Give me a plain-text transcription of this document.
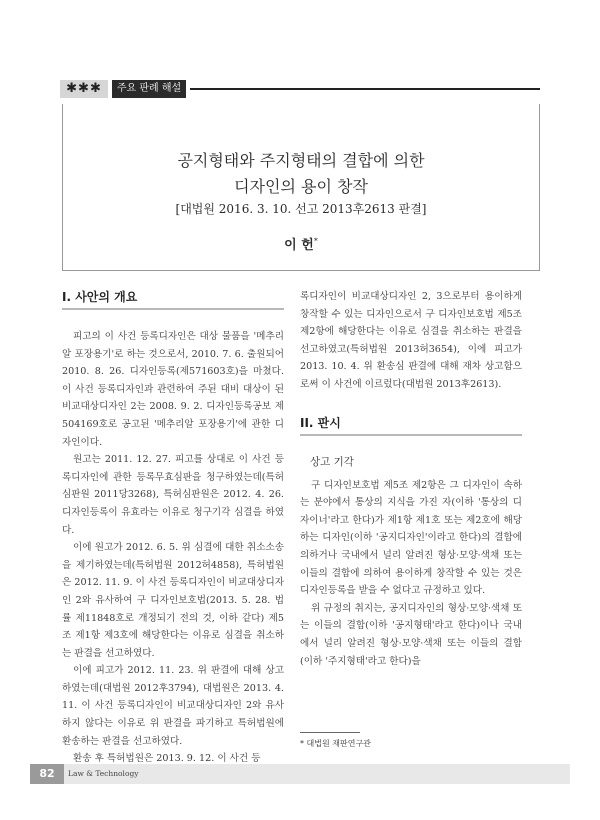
✱✱✱	주요 판례 해설
공지형태와 주지형태의 결합에 의한
디자인의 용이 창작
[대법원 2016. 3. 10. 선고 2013후2613 판결]
이 헌*
I. 사안의 개요

피고의 이 사건 등록디자인은 대상 물품을 '메추리알 포장용기'로 하는 것으로서, 2010. 7. 6. 출원되어 2010. 8. 26. 디자인등록(제571603호)을 마쳤다. 이 사건 등록디자인과 관련하여 주된 대비 대상이 된 비교대상디자인 2는 2008. 9. 2. 디자인등록공보 제504169호로 공고된 '메추리알 포장용기'에 관한 디자인이다.

원고는 2011. 12. 27. 피고를 상대로 이 사건 등록디자인에 관한 등록무효심판을 청구하였는데(특허심판원 2011당3268), 특허심판원은 2012. 4. 26. 디자인등록이 유효라는 이유로 청구기각 심결을 하였다.

이에 원고가 2012. 6. 5. 위 심결에 대한 취소소송을 제기하였는데(특허법원 2012허4858), 특허법원은 2012. 11. 9. 이 사건 등록디자인이 비교대상디자인 2와 유사하여 구 디자인보호법(2013. 5. 28. 법률 제11848호로 개정되기 전의 것, 이하 같다) 제5조 제1항 제3호에 해당한다는 이유로 심결을 취소하는 판결을 선고하였다.

이에 피고가 2012. 11. 23. 위 판결에 대해 상고하였는데(대법원 2012후3794), 대법원은 2013. 4. 11. 이 사건 등록디자인이 비교대상디자인 2와 유사하지 않다는 이유로 위 판결을 파기하고 특허법원에 환송하는 판결을 선고하였다.

환송 후 특허법원은 2013. 9. 12. 이 사건 등

록디자인이 비교대상디자인 2, 3으로부터 용이하게 창작할 수 있는 디자인으로서 구 디자인보호법 제5조 제2항에 해당한다는 이유로 심결을 취소하는 판결을 선고하였고(특허법원 2013허3654), 이에 피고가 2013. 10. 4. 위 환송심 판결에 대해 재차 상고함으로써 이 사건에 이르렀다(대법원 2013후2613).

II. 판시
상고 기각

구 디자인보호법 제5조 제2항은 그 디자인이 속하는 분야에서 통상의 지식을 가진 자(이하 '통상의 디자이너'라고 한다)가 제1항 제1호 또는 제2호에 해당하는 디자인(이하 '공지디자인'이라고 한다)의 결합에 의하거나 국내에서 널리 알려진 형상·모양·색채 또는 이들의 결합에 의하여 용이하게 창작할 수 있는 것은 디자인등록을 받을 수 없다고 규정하고 있다.

위 규정의 취지는, 공지디자인의 형상·모양·색채 또는 이들의 결합(이하 '공지형태'라고 한다)이나 국내에서 널리 알려진 형상·모양·색채 또는 이들의 결합(이하 '주지형태'라고 한다)을

* 대법원 재판연구관
82	Law & Technology
